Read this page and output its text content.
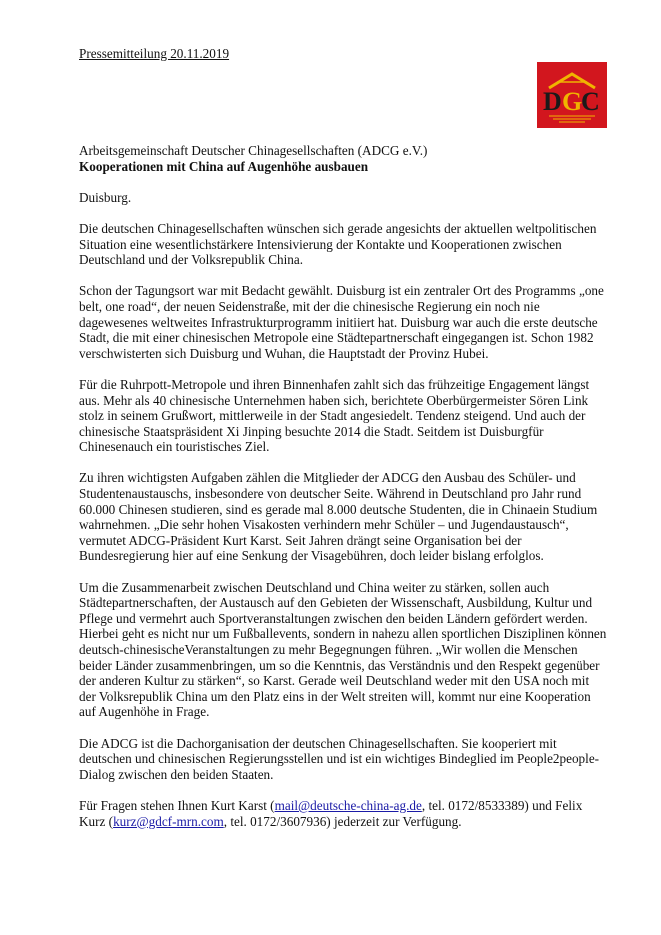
Pressemitteilung 20.11.2019

D G
C

Arbeitsgemeinschaft Deutscher Chinagesellschaften (ADCG e.V.)

Kooperationen mit China auf Augenhöhe ausbauen

Duisburg.

Die deutschen Chinagesellschaften wünschen sich gerade angesichts der aktuellen weltpolitischen Situation eine wesentlichstärkere Intensivierung der Kontakte und Kooperationen zwischen Deutschland und der Volksrepublik China.

Schon der Tagungsort war mit Bedacht gewählt. Duisburg ist ein zentraler Ort des Programms „one belt, one road“, der neuen Seidenstraße, mit der die chinesische Regierung ein noch nie dagewesenes weltweites Infrastrukturprogramm initiiert hat. Duisburg war auch die erste deutsche Stadt, die mit einer chinesischen Metropole eine Städtepartnerschaft eingegangen ist. Schon 1982 verschwisterten sich Duisburg und Wuhan, die Hauptstadt der Provinz Hubei.

Für die Ruhrpott-Metropole und ihren Binnenhafen zahlt sich das frühzeitige Engagement längst aus. Mehr als 40 chinesische Unternehmen haben sich, berichtete Oberbürgermeister Sören Link stolz in seinem Grußwort, mittlerweile in der Stadt angesiedelt. Tendenz steigend. Und auch der chinesische Staatspräsident Xi Jinping besuchte 2014 die Stadt. Seitdem ist Duisburgfür Chinesenauch ein touristisches Ziel.

Zu ihren wichtigsten Aufgaben zählen die Mitglieder der ADCG den Ausbau des Schüler- und Studentenaustauschs, insbesondere von deutscher Seite. Während in Deutschland pro Jahr rund 60.000 Chinesen studieren, sind es gerade mal 8.000 deutsche Studenten, die in Chinaein Studium wahrnehmen. „Die sehr hohen Visakosten verhindern mehr Schüler – und Jugendaustausch“, vermutet ADCG-Präsident Kurt Karst. Seit Jahren drängt seine Organisation bei der Bundesregierung hier auf eine Senkung der Visagebühren, doch leider bislang erfolglos.

Um die Zusammenarbeit zwischen Deutschland und China weiter zu stärken, sollen auch Städtepartnerschaften, der Austausch auf den Gebieten der Wissenschaft, Ausbildung, Kultur und Pflege und vermehrt auch Sportveranstaltungen zwischen den beiden Ländern gefördert werden. Hierbei geht es nicht nur um Fußballevents, sondern in nahezu allen sportlichen Disziplinen können deutsch-chinesischeVeranstaltungen zu mehr Begegnungen führen. „Wir wollen die Menschen beider Länder zusammenbringen, um so die Kenntnis, das Verständnis und den Respekt gegenüber der anderen Kultur zu stärken“, so Karst. Gerade weil Deutschland weder mit den USA noch mit der Volksrepublik China um den Platz eins in der Welt streiten will, kommt nur eine Kooperation auf Augenhöhe in Frage.

Die ADCG ist die Dachorganisation der deutschen Chinagesellschaften. Sie kooperiert mit deutschen und chinesischen Regierungsstellen und ist ein wichtiges Bindeglied im People2people-Dialog zwischen den beiden Staaten.

Für Fragen stehen Ihnen Kurt Karst (mail@deutsche-china-ag.de, tel. 0172/8533389) und Felix Kurz (kurz@gdcf-mrn.com, tel. 0172/3607936) jederzeit zur Verfügung.
